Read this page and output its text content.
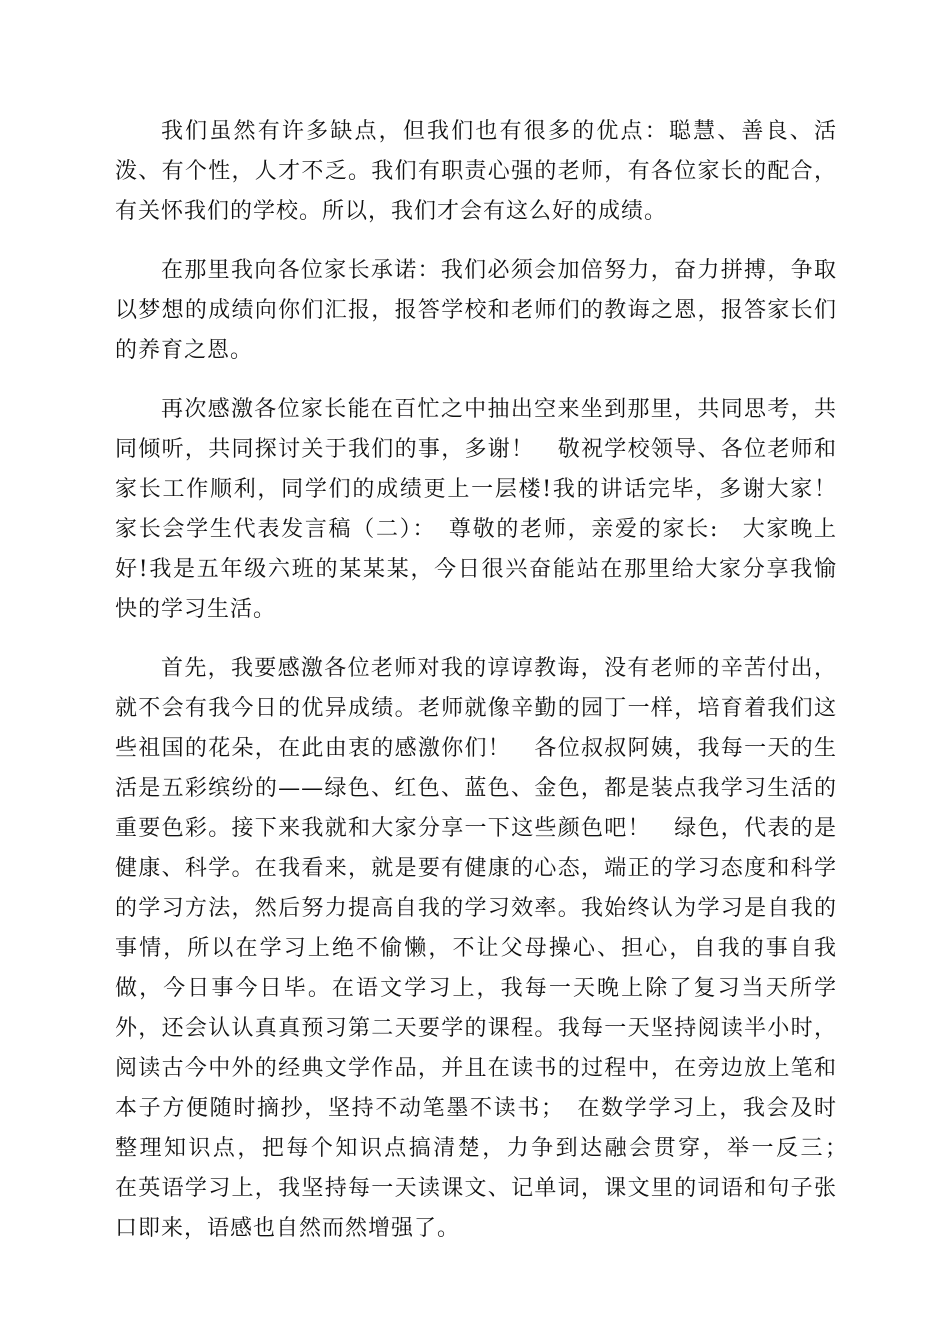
我们虽然有许多缺点，但我们也有很多的优点：聪慧、善良、活泼、有个性，人才不乏。我们有职责心强的老师，有各位家长的配合，有关怀我们的学校。所以，我们才会有这么好的成绩。

在那里我向各位家长承诺：我们必须会加倍努力，奋力拼搏，争取以梦想的成绩向你们汇报，报答学校和老师们的教诲之恩，报答家长们的养育之恩。

再次感激各位家长能在百忙之中抽出空来坐到那里，共同思考，共同倾听，共同探讨关于我们的事，多谢！　敬祝学校领导、各位老师和家长工作顺利，同学们的成绩更上一层楼!我的讲话完毕，多谢大家！　家长会学生代表发言稿（二）：　尊敬的老师，亲爱的家长:　大家晚上好!我是五年级六班的某某某，今日很兴奋能站在那里给大家分享我愉快的学习生活。

首先，我要感激各位老师对我的谆谆教诲，没有老师的辛苦付出，就不会有我今日的优异成绩。老师就像辛勤的园丁一样，培育着我们这些祖国的花朵，在此由衷的感激你们！　各位叔叔阿姨，我每一天的生活是五彩缤纷的——绿色、红色、蓝色、金色，都是装点我学习生活的重要色彩。接下来我就和大家分享一下这些颜色吧！　绿色，代表的是健康、科学。在我看来，就是要有健康的心态，端正的学习态度和科学的学习方法，然后努力提高自我的学习效率。我始终认为学习是自我的事情，所以在学习上绝不偷懒，不让父母操心、担心，自我的事自我做，今日事今日毕。在语文学习上，我每一天晚上除了复习当天所学外，还会认认真真预习第二天要学的课程。我每一天坚持阅读半小时，阅读古今中外的经典文学作品，并且在读书的过程中，在旁边放上笔和本子方便随时摘抄，坚持不动笔墨不读书；　在数学学习上，我会及时整理知识点，把每个知识点搞清楚，力争到达融会贯穿，举一反三；　在英语学习上，我坚持每一天读课文、记单词，课文里的词语和句子张口即来，语感也自然而然增强了。
